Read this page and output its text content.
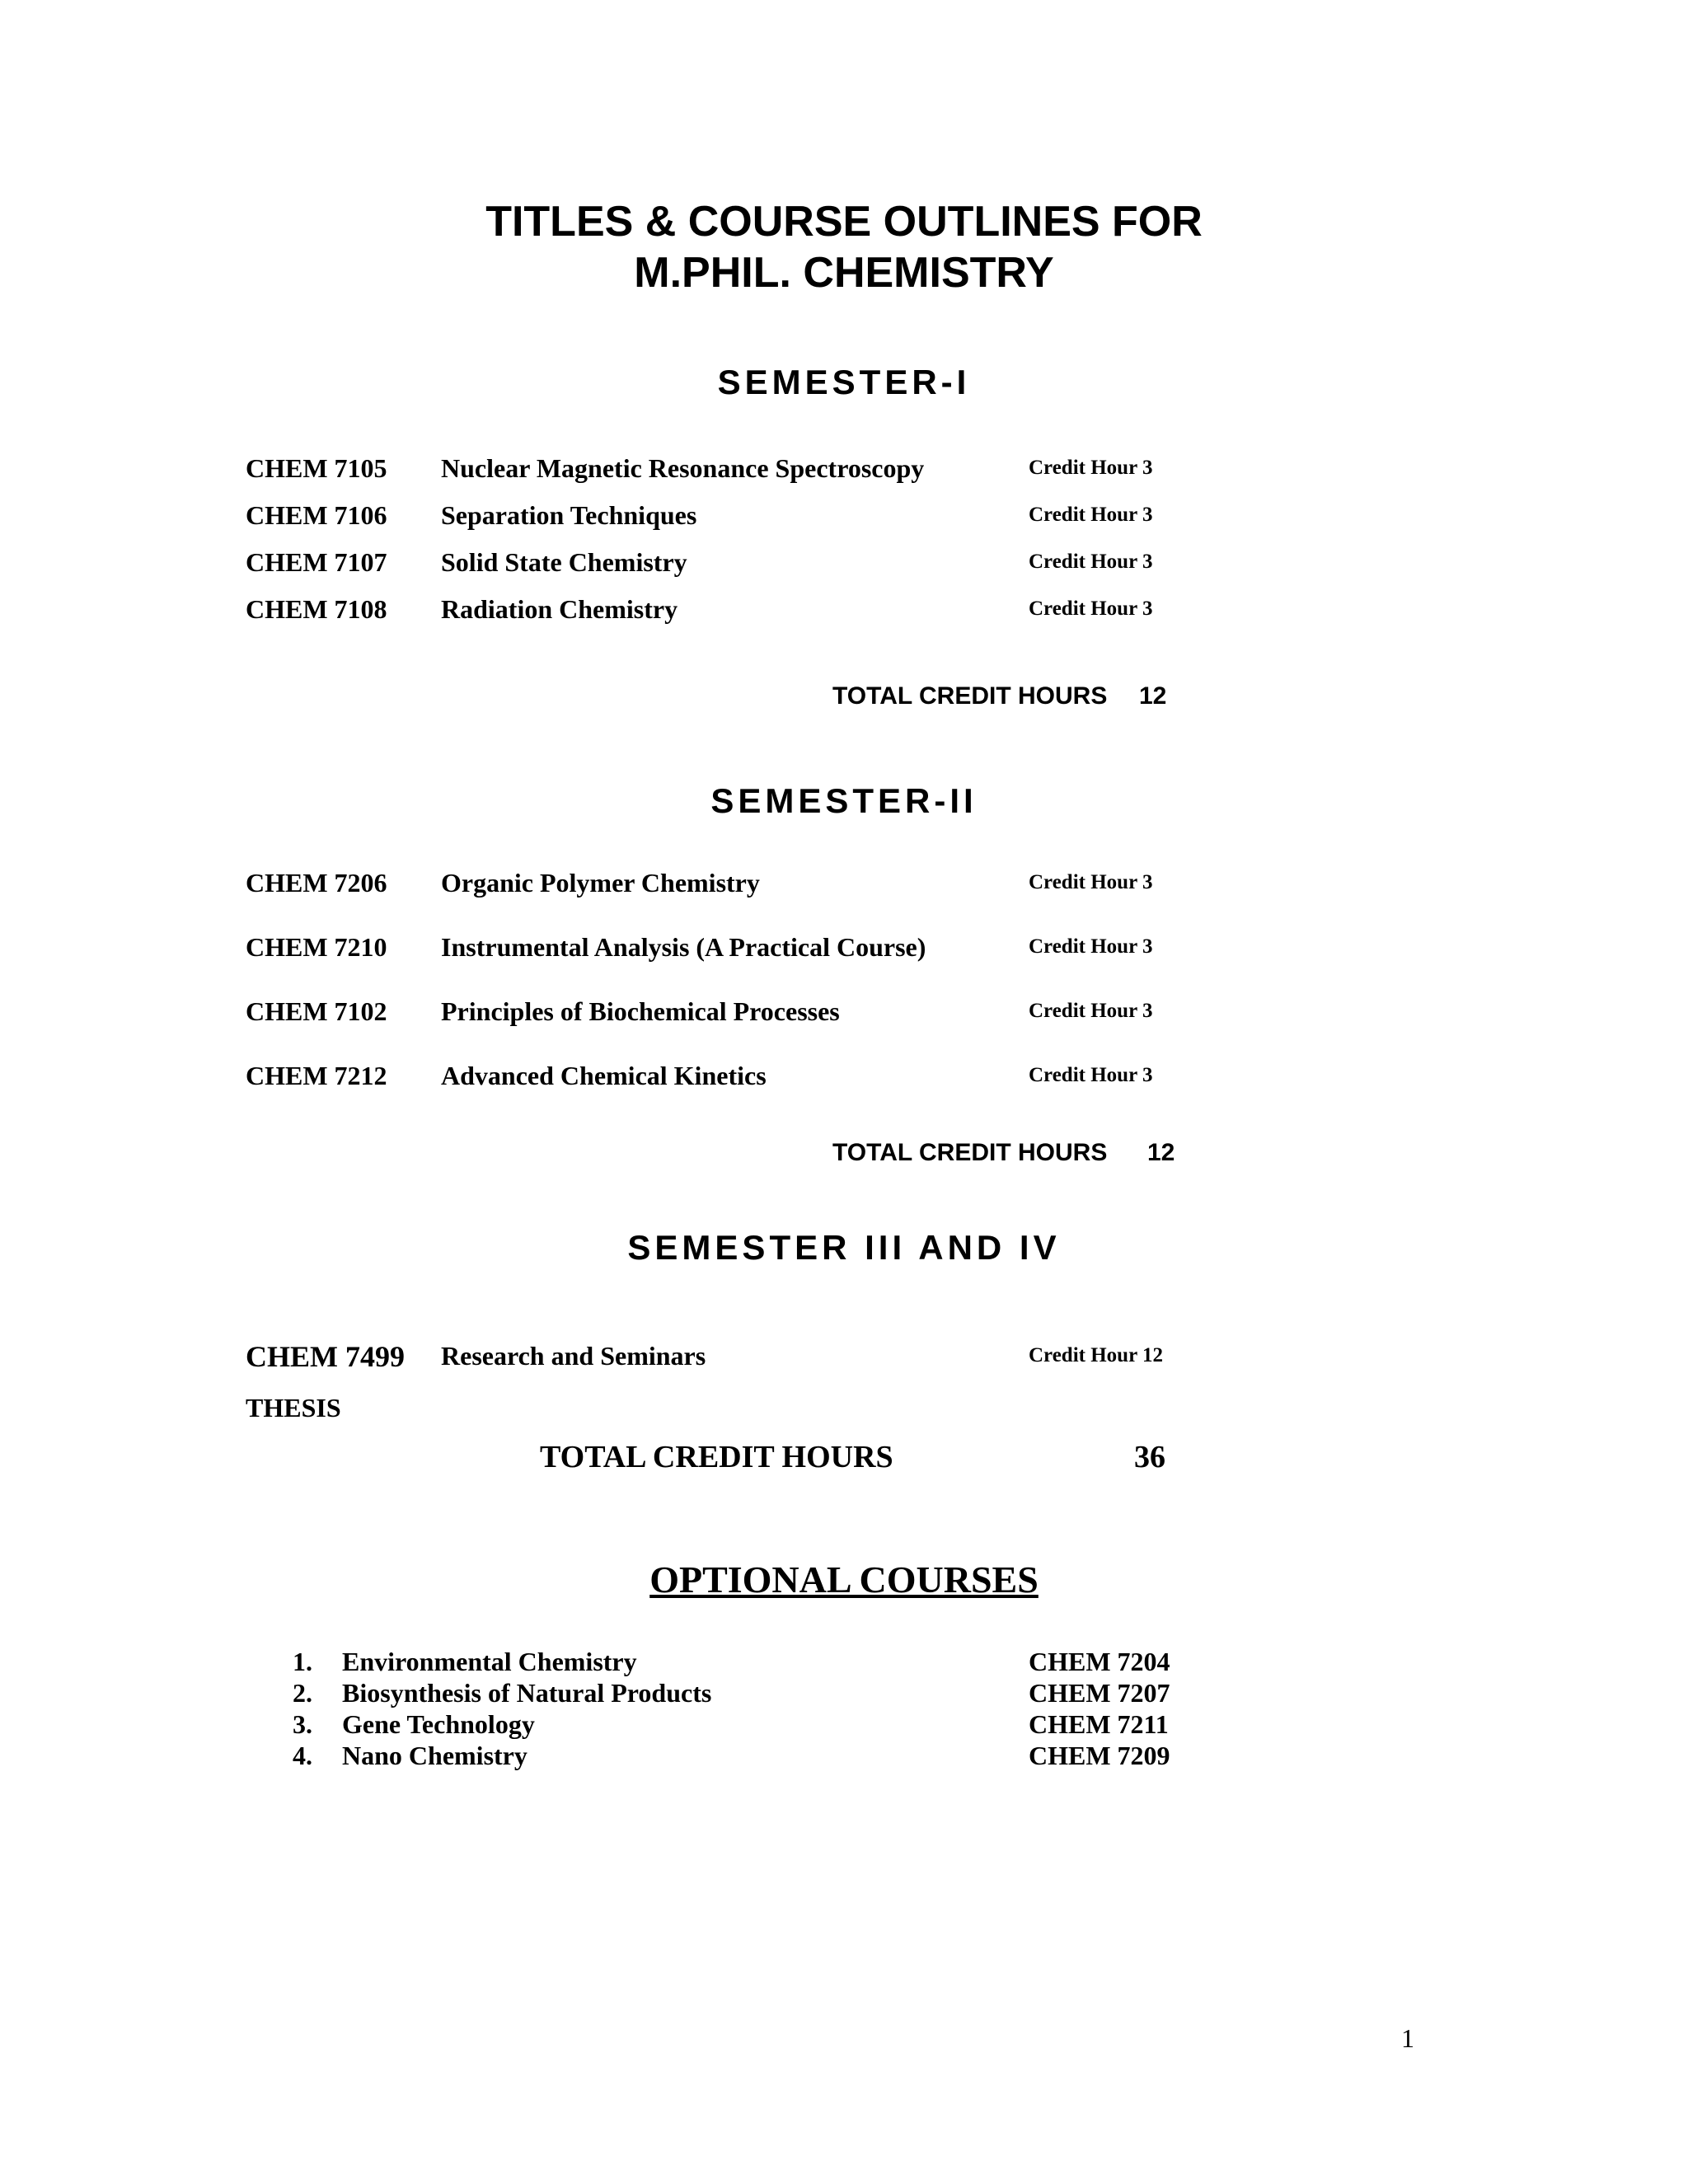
TITLES & COURSE OUTLINES FOR
M.PHIL. CHEMISTRY
SEMESTER-I
CHEM 7105 Nuclear Magnetic Resonance Spectroscopy	Credit Hour 3
CHEM 7106 Separation Techniques	Credit Hour 3
CHEM 7107 Solid State Chemistry	Credit Hour 3
CHEM 7108 Radiation Chemistry	Credit Hour 3
TOTAL CREDIT HOURS 12
SEMESTER-II
CHEM 7206 Organic Polymer Chemistry	Credit Hour 3
CHEM 7210 Instrumental Analysis (A Practical Course)	Credit Hour 3
CHEM 7102 Principles of Biochemical Processes	Credit Hour 3
CHEM 7212 Advanced Chemical Kinetics	Credit Hour 3
TOTAL CREDIT HOURS 12
SEMESTER III AND IV
CHEM 7499 Research and Seminars	Credit Hour 12
THESIS
TOTAL CREDIT HOURS	36
OPTIONAL COURSES
1. Environmental Chemistry	CHEM 7204
2. Biosynthesis of Natural Products	CHEM 7207
3. Gene Technology	CHEM 7211
4. Nano Chemistry	CHEM 7209
1
